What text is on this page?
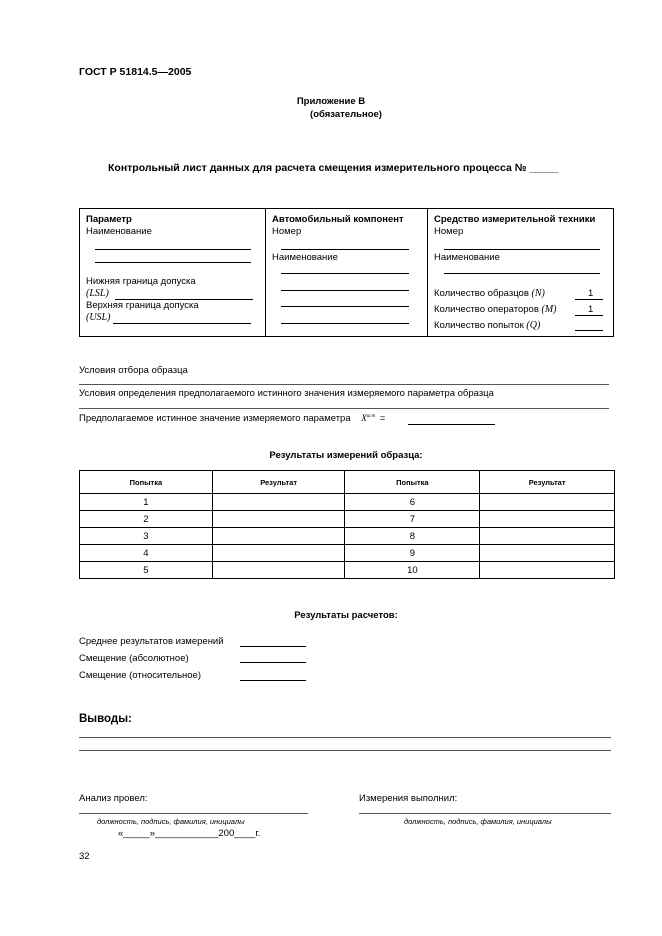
ГОСТ Р 51814.5—2005
Приложение В
(обязательное)
Контрольный лист данных для расчета смещения измерительного процесса № _____
Параметр
Наименование
Нижняя граница допуска
(LSL)
Верхняя граница допуска
(USL)
Автомобильный компонент
Номер
Наименование
Средство измерительной техники
Номер
Наименование
Количество образцов (N)	1
Количество операторов (M)	1
Количество попыток (Q)
Условия отбора образца
Условия определения предполагаемого истинного значения измеряемого параметра образца
Предполагаемое истинное значение измеряемого параметра $X^{ист}$ =
Результаты измерений образца:
Попытка	Результат	Попытка	Результат
1		6	
2		7	
3		8	
4		9	
5		10	
Результаты расчетов:
Среднее результатов измерений
Смещение (абсолютное)
Смещение (относительное)
Выводы:
Анализ провел:
должность, подпись, фамилия, инициалы
«_____»____________200____г.
Измерения выполнил:
должность, подпись, фамилия, инициалы
32
